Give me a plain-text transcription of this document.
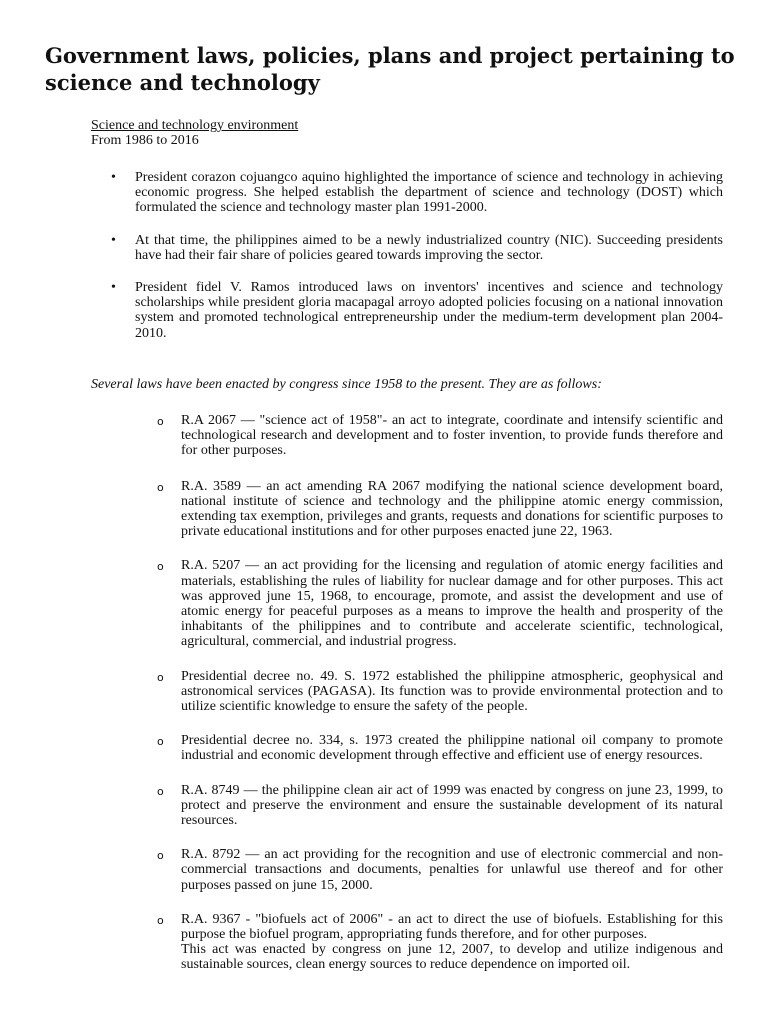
Government laws, policies, plans and project pertaining to science and technology
Science and technology environment
From 1986 to 2016
• President corazon cojuangco aquino highlighted the importance of science and technology in achieving economic progress. She helped establish the department of science and technology (DOST) which formulated the science and technology master plan 1991-2000.
• At that time, the philippines aimed to be a newly industrialized country (NIC). Succeeding presidents have had their fair share of policies geared towards improving the sector.
• President fidel V. Ramos introduced laws on inventors' incentives and science and technology scholarships while president gloria macapagal arroyo adopted policies focusing on a national innovation system and promoted technological entrepreneurship under the medium-term development plan 2004-2010.
Several laws have been enacted by congress since 1958 to the present. They are as follows:
o R.A 2067 — "science act of 1958"- an act to integrate, coordinate and intensify scientific and technological research and development and to foster invention, to provide funds therefore and for other purposes.
o R.A. 3589 — an act amending RA 2067 modifying the national science development board, national institute of science and technology and the philippine atomic energy commission, extending tax exemption, privileges and grants, requests and donations for scientific purposes to private educational institutions and for other purposes enacted june 22, 1963.
o R.A. 5207 — an act providing for the licensing and regulation of atomic energy facilities and materials, establishing the rules of liability for nuclear damage and for other purposes. This act was approved june 15, 1968, to encourage, promote, and assist the development and use of atomic energy for peaceful purposes as a means to improve the health and prosperity of the inhabitants of the philippines and to contribute and accelerate scientific, technological, agricultural, commercial, and industrial progress.
o Presidential decree no. 49. S. 1972 established the philippine atmospheric, geophysical and astronomical services (PAGASA). Its function was to provide environmental protection and to utilize scientific knowledge to ensure the safety of the people.
o Presidential decree no. 334, s. 1973 created the philippine national oil company to promote industrial and economic development through effective and efficient use of energy resources.
o R.A. 8749 — the philippine clean air act of 1999 was enacted by congress on june 23, 1999, to protect and preserve the environment and ensure the sustainable development of its natural resources.
o R.A. 8792 — an act providing for the recognition and use of electronic commercial and non-commercial transactions and documents, penalties for unlawful use thereof and for other purposes passed on june 15, 2000.
o R.A. 9367 - "biofuels act of 2006" - an act to direct the use of biofuels. Establishing for this purpose the biofuel program, appropriating funds therefore, and for other purposes.
This act was enacted by congress on june 12, 2007, to develop and utilize indigenous and sustainable sources, clean energy sources to reduce dependence on imported oil.
